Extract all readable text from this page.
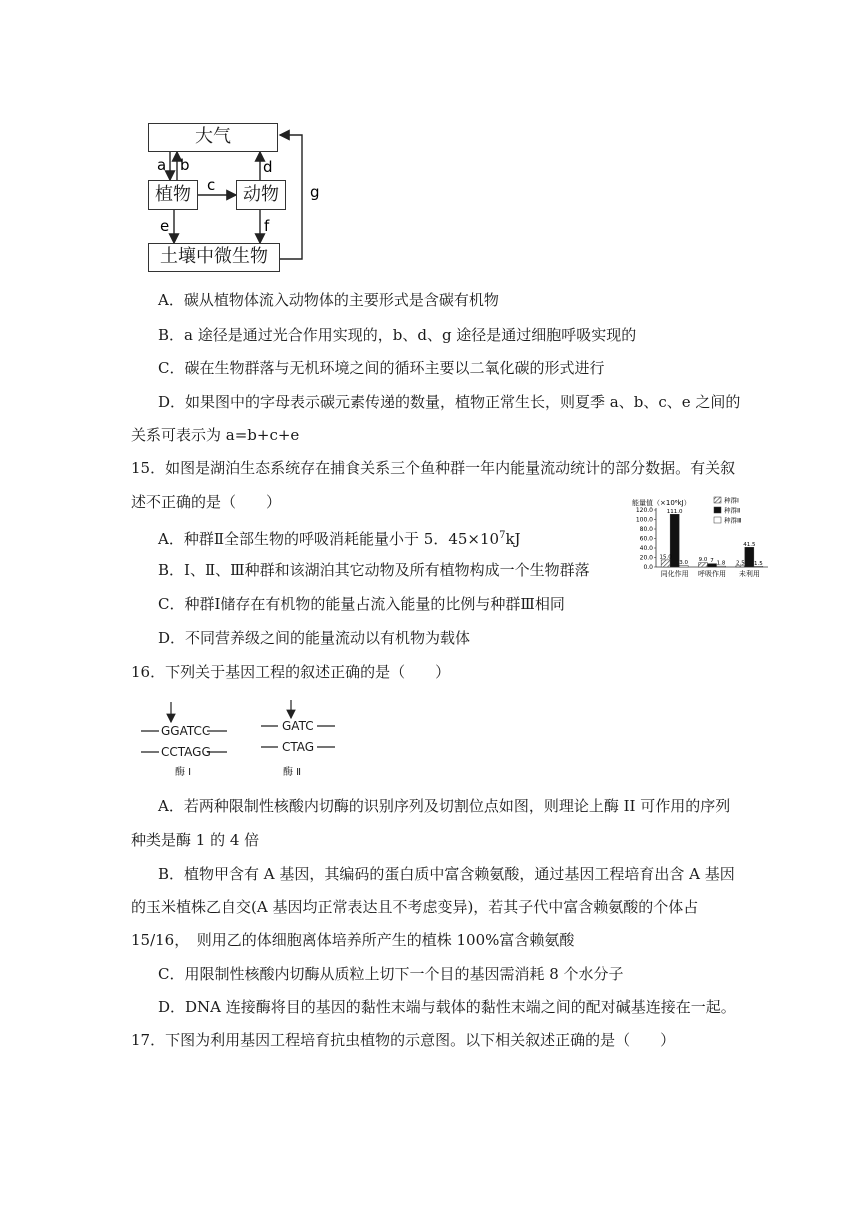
a b
c
d
e	f
g
大气
植物	动物
土壤中微生物
A．碳从植物体流入动物体的主要形式是含碳有机物
B．a 途径是通过光合作用实现的，b、d、g 途径是通过细胞呼吸实现的
C．碳在生物群落与无机环境之间的循环主要以二氧化碳的形式进行
D．如果图中的字母表示碳元素传递的数量，植物正常生长，则夏季 a、b、c、e 之间的
关系可表示为 a=b+c+e
15．如图是湖泊生态系统存在捕食关系三个鱼种群一年内能量流动统计的部分数据。有关叙
述不正确的是（　　）
A．种群Ⅱ全部生物的呼吸消耗能量小于 5．$45\times 10^7kJ$
B．Ⅰ、Ⅱ、Ⅲ种群和该湖泊其它动物及所有植物构成一个生物群落
C．种群Ⅰ储存在有机物的能量占流入能量的比例与种群Ⅲ相同
D．不同营养级之间的能量流动以有机物为载体
能量值（×10⁶kJ）
120.0
100.0
80.0
60.0
40.0
20.0
0.0
15.0
111.0
3.0 9.0 7 1.8 2.5
41.5
1.5
同化作用 呼吸作用 未利用
种群Ⅰ
种群Ⅱ
种群Ⅲ
16．下列关于基因工程的叙述正确的是（　　）
GGATCC
CCTAGG
酶 Ⅰ
GATC
CTAG
酶 Ⅱ
A．若两种限制性核酸内切酶的识别序列及切割位点如图，则理论上酶 II 可作用的序列
种类是酶 1 的 4 倍
B．植物甲含有 A 基因，其编码的蛋白质中富含赖氨酸，通过基因工程培育出含 A 基因
的玉米植株乙自交(A 基因均正常表达且不考虑变异)，若其子代中富含赖氨酸的个体占
15/16，　则用乙的体细胞离体培养所产生的植株 100%富含赖氨酸
C．用限制性核酸内切酶从质粒上切下一个目的基因需消耗 8 个水分子
D．DNA 连接酶将目的基因的黏性末端与载体的黏性末端之间的配对碱基连接在一起。
17．下图为利用基因工程培育抗虫植物的示意图。以下相关叙述正确的是（　　）
